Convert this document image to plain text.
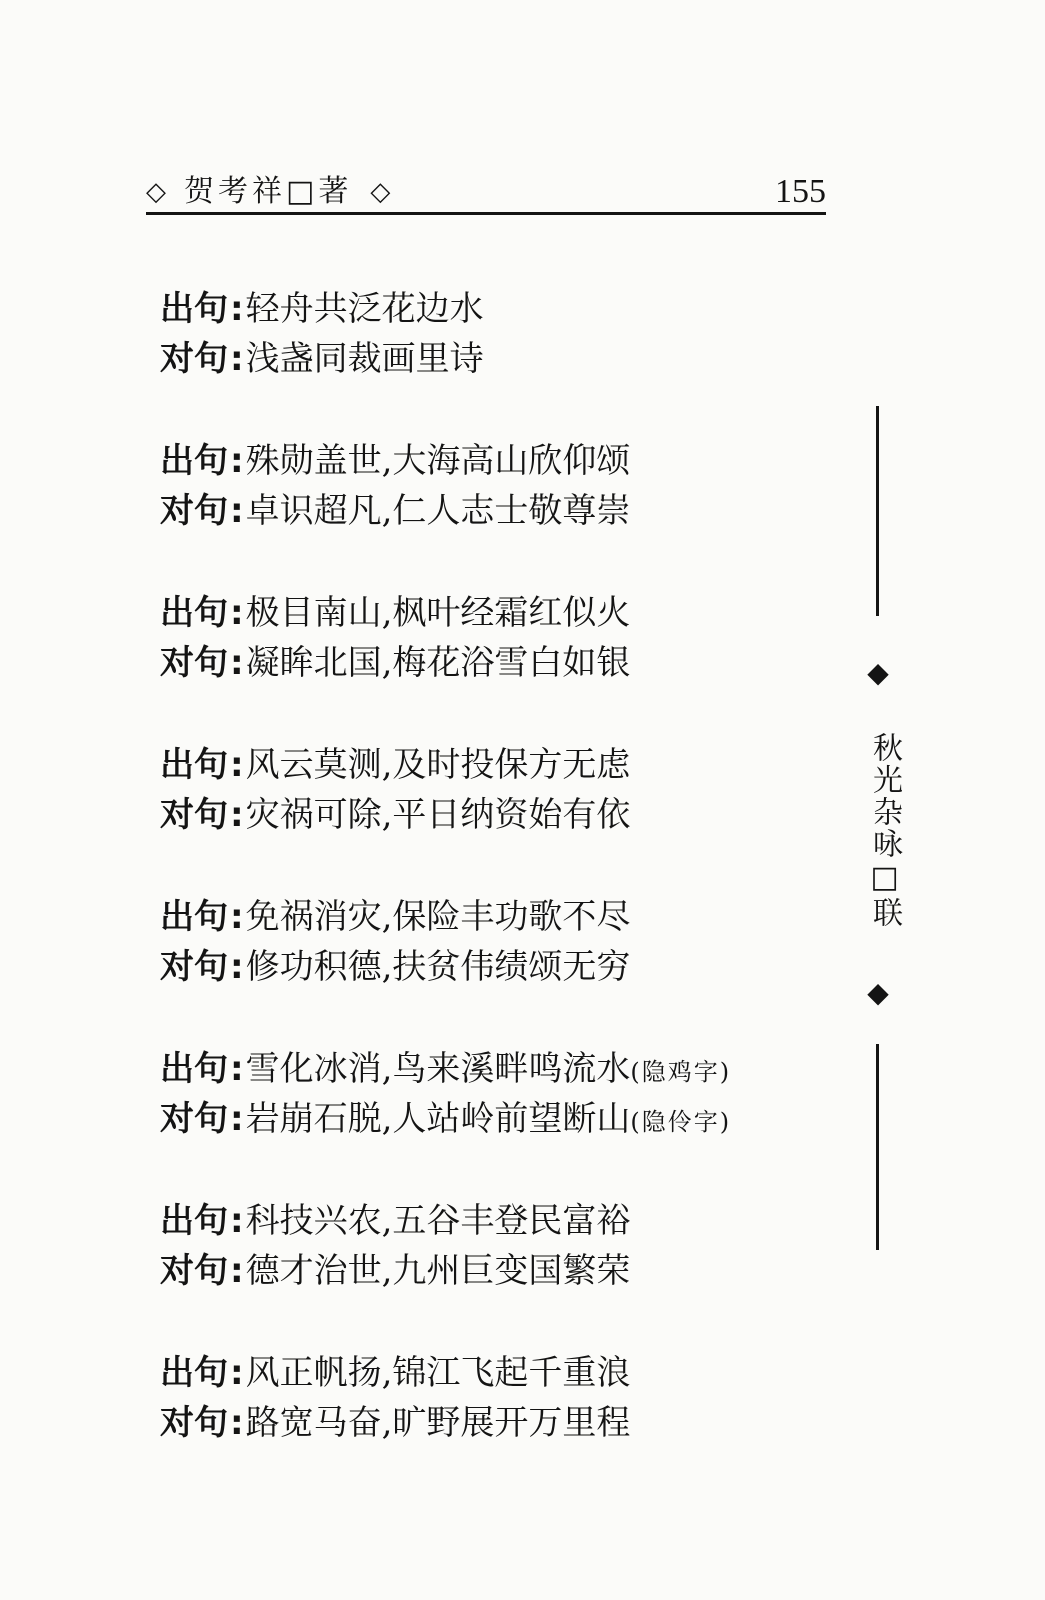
◇ 贺考祥□著 ◇	155
出句:轻舟共泛花边水
对句:浅盏同裁画里诗
出句:殊勋盖世,大海高山欣仰颂
对句:卓识超凡,仁人志士敬尊崇
出句:极目南山,枫叶经霜红似火
对句:凝眸北国,梅花浴雪白如银
出句:风云莫测,及时投保方无虑
对句:灾祸可除,平日纳资始有依
出句:免祸消灾,保险丰功歌不尽
对句:修功积德,扶贫伟绩颂无穷
出句:雪化冰消,鸟来溪畔鸣流水(隐鸡字)
对句:岩崩石脱,人站岭前望断山(隐伶字)
出句:科技兴农,五谷丰登民富裕
对句:德才治世,九州巨变国繁荣
出句:风正帆扬,锦江飞起千重浪
对句:路宽马奋,旷野展开万里程
◆
秋光杂咏□联
◆
